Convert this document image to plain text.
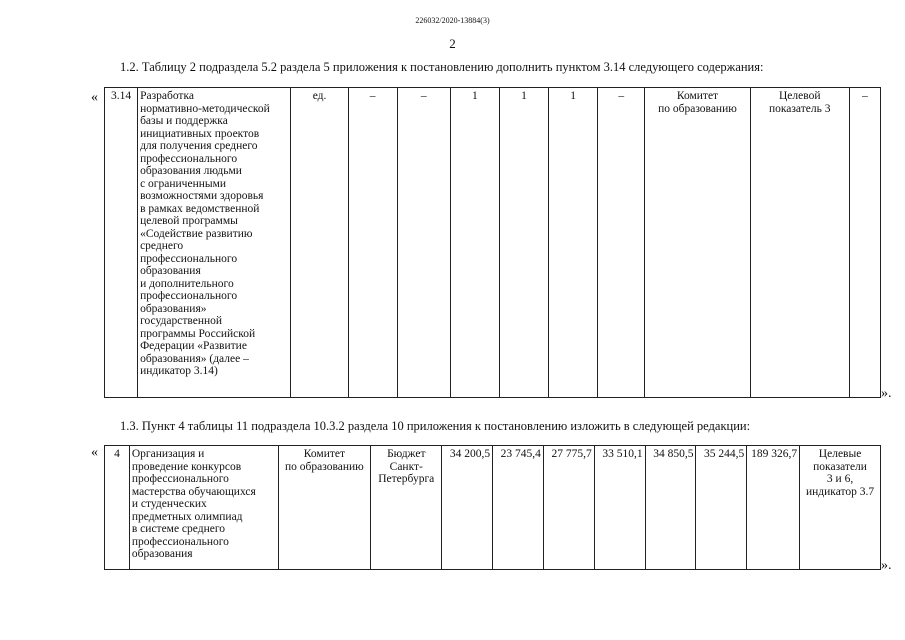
226032/2020-13884(3)
2
1.2. Таблицу 2 подраздела 5.2 раздела 5 приложения к постановлению дополнить пунктом 3.14 следующего содержания:
« 3.14	Разработка
нормативно-методической
базы и поддержка
инициативных проектов
для получения среднего
профессионального
образования людьми
с ограниченными
возможностями здоровья
в рамках ведомственной
целевой программы
«Содействие развитию
среднего
профессионального
образования
и дополнительного
профессионального
образования»
государственной
программы Российской
Федерации «Развитие
образования» (далее –
индикатор 3.14)	ед.	–	–	1	1	1	–	Комитет
по образованию	Целевой
показатель 3	–
».
1.3. Пункт 4 таблицы 11 подраздела 10.3.2 раздела 10 приложения к постановлению изложить в следующей редакции:
« 4	Организация и
проведение конкурсов
профессионального
мастерства обучающихся
и студенческих
предметных олимпиад
в системе среднего
профессионального
образования	Комитет
по образованию	Бюджет
Санкт-
Петербурга	34 200,5	23 745,4	27 775,7	33 510,1	34 850,5	35 244,5	189 326,7	Целевые
показатели
3 и 6,
индикатор 3.7
».
